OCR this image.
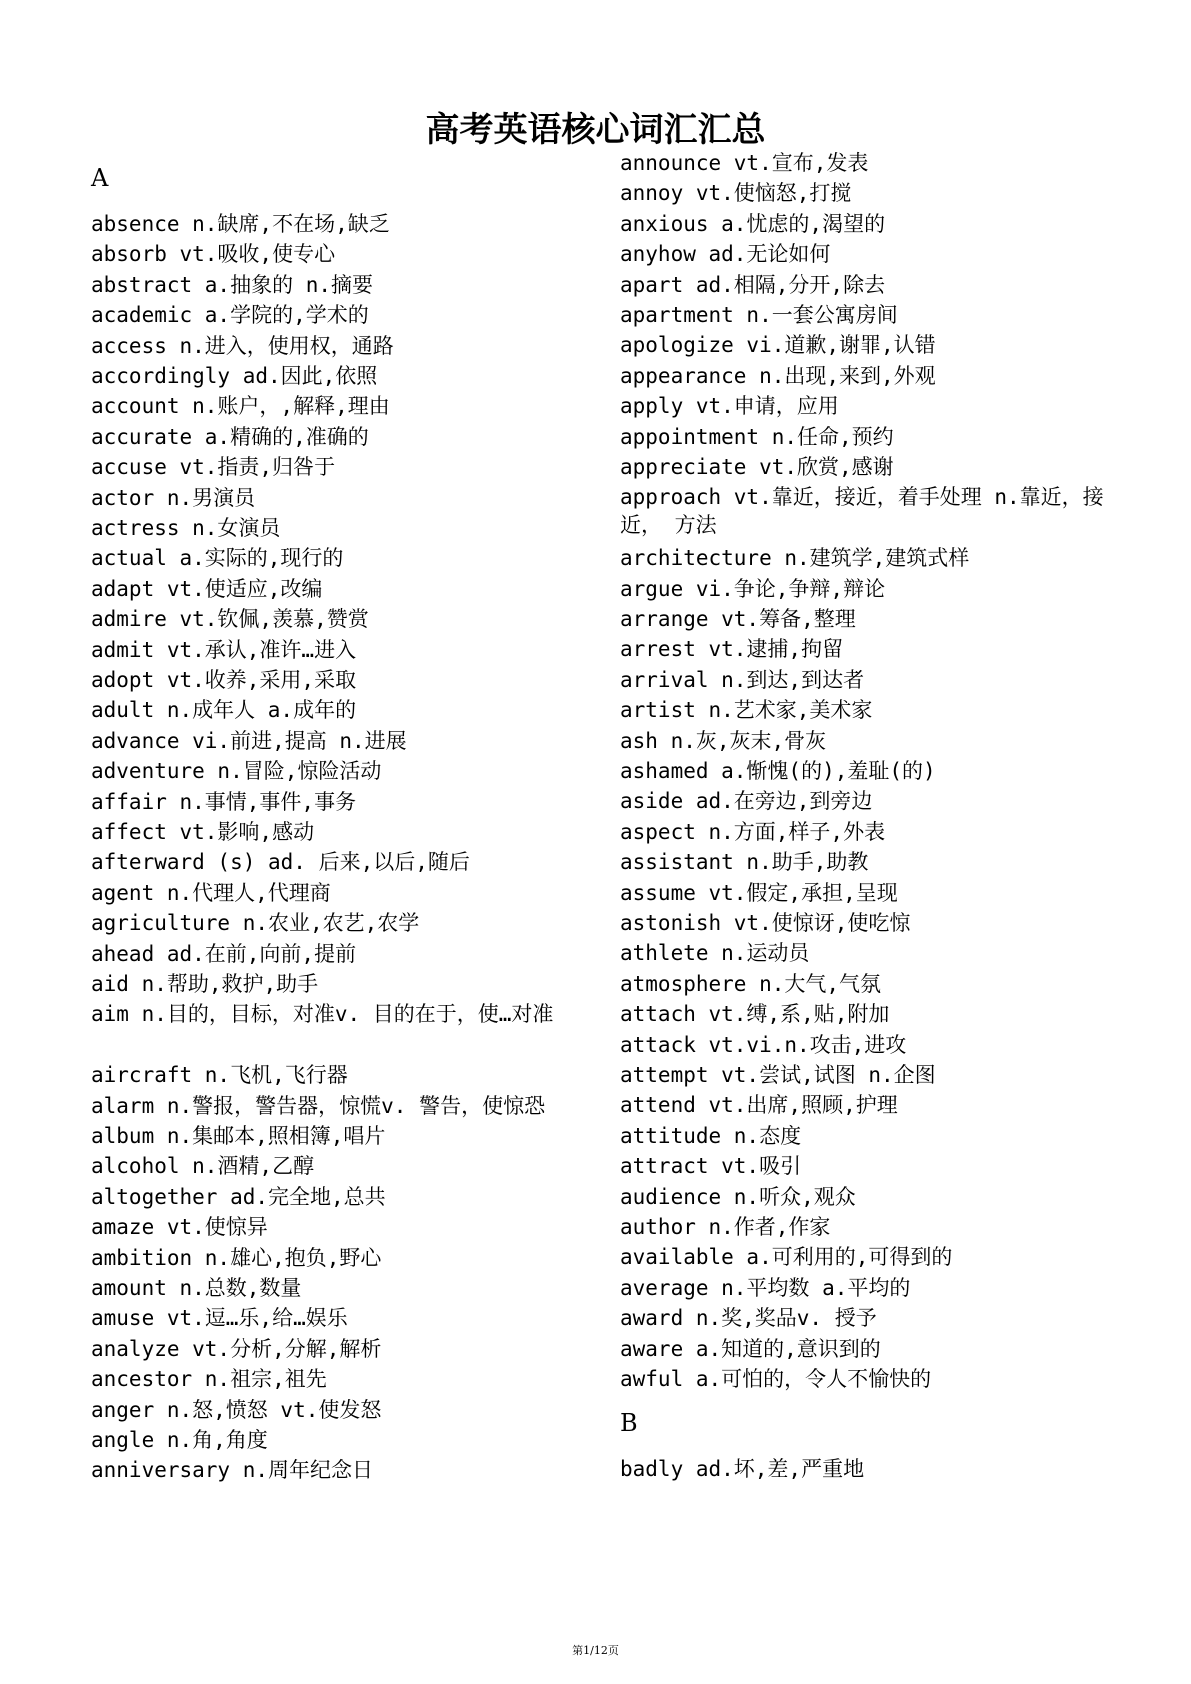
高考英语核心词汇汇总
A
absence n.缺席,不在场,缺乏
absorb vt.吸收,使专心
abstract a.抽象的 n.摘要
academic a.学院的,学术的
access n.进入，使用权，通路
accordingly ad.因此,依照
account n.账户，,解释,理由
accurate a.精确的,准确的
accuse vt.指责,归咎于
actor n.男演员
actress n.女演员
actual a.实际的,现行的
adapt vt.使适应,改编
admire vt.钦佩,羡慕,赞赏
admit vt.承认,准许…进入
adopt vt.收养,采用,采取
adult n.成年人 a.成年的
advance vi.前进,提高 n.进展
adventure n.冒险,惊险活动
affair n.事情,事件,事务
affect vt.影响,感动
afterward (s) ad. 后来,以后,随后
agent n.代理人,代理商
agriculture n.农业,农艺,农学
ahead ad.在前,向前,提前
aid n.帮助,救护,助手
aim n.目的，目标，对准v. 目的在于，使…对准
aircraft n.飞机,飞行器
alarm n.警报，警告器，惊慌v. 警告，使惊恐
album n.集邮本,照相簿,唱片
alcohol n.酒精,乙醇
altogether ad.完全地,总共
amaze vt.使惊异
ambition n.雄心,抱负,野心
amount n.总数,数量
amuse vt.逗…乐,给…娱乐
analyze vt.分析,分解,解析
ancestor n.祖宗,祖先
anger n.怒,愤怒 vt.使发怒
angle n.角,角度
anniversary n.周年纪念日
announce vt.宣布,发表
annoy vt.使恼怒,打搅
anxious a.忧虑的,渴望的
anyhow ad.无论如何
apart ad.相隔,分开,除去
apartment n.一套公寓房间
apologize vi.道歉,谢罪,认错
appearance n.出现,来到,外观
apply vt.申请，应用
appointment n.任命,预约
appreciate vt.欣赏,感谢
approach vt.靠近，接近，着手处理 n.靠近，接近， 方法
architecture n.建筑学,建筑式样
argue vi.争论,争辩,辩论
arrange vt.筹备,整理
arrest vt.逮捕,拘留
arrival n.到达,到达者
artist n.艺术家,美术家
ash n.灰,灰末,骨灰
ashamed a.惭愧(的),羞耻(的)
aside ad.在旁边,到旁边
aspect n.方面,样子,外表
assistant n.助手,助教
assume vt.假定,承担,呈现
astonish vt.使惊讶,使吃惊
athlete n.运动员
atmosphere n.大气,气氛
attach vt.缚,系,贴,附加
attack vt.vi.n.攻击,进攻
attempt vt.尝试,试图 n.企图
attend vt.出席,照顾,护理
attitude n.态度
attract vt.吸引
audience n.听众,观众
author n.作者,作家
available a.可利用的,可得到的
average n.平均数 a.平均的
award n.奖,奖品v. 授予
aware a.知道的,意识到的
awful a.可怕的，令人不愉快的
B
badly ad.坏,差,严重地
第1/12页
